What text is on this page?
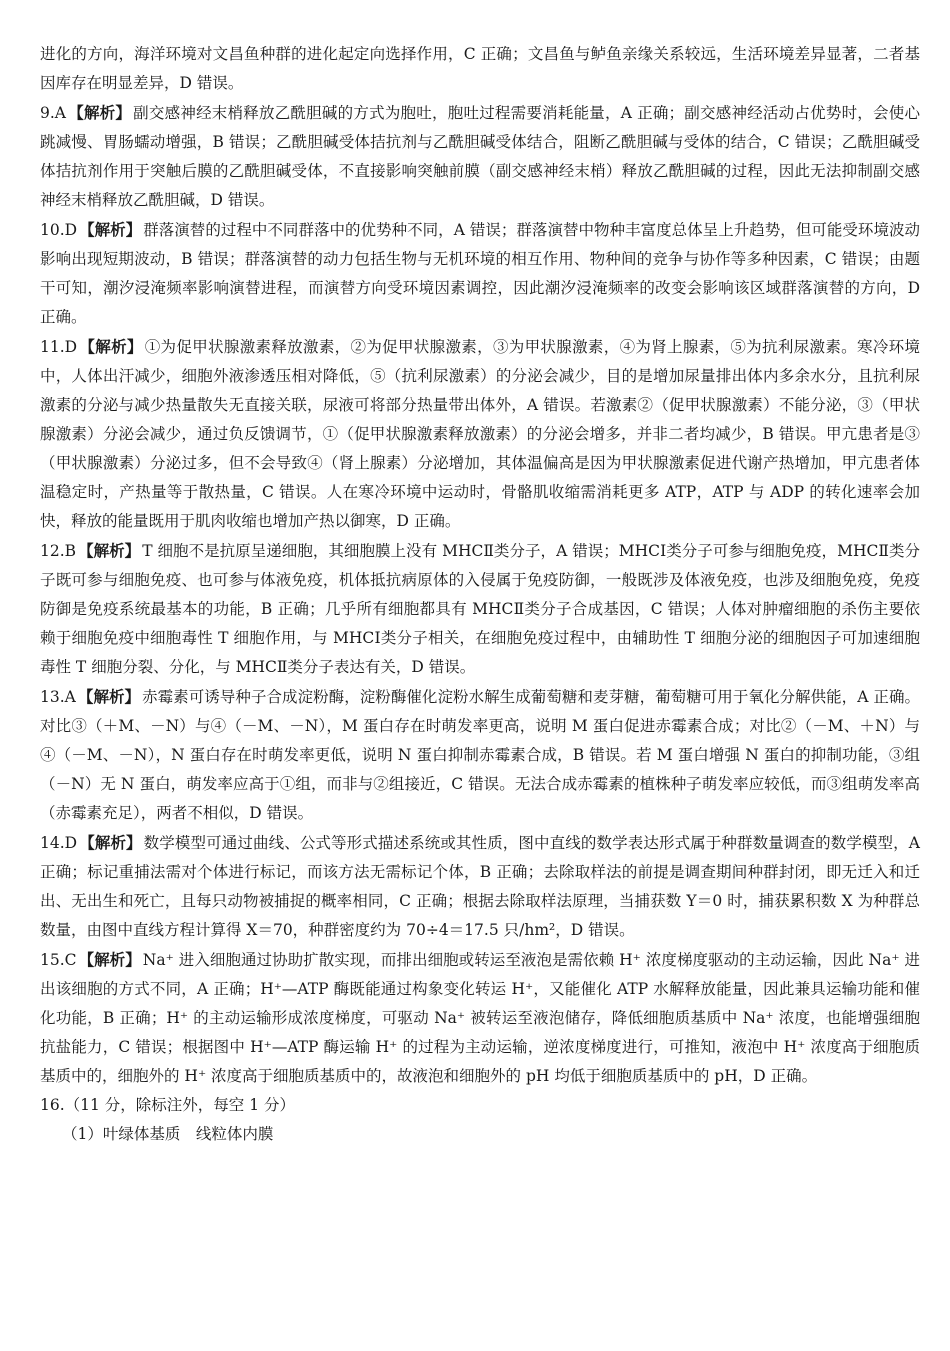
进化的方向，海洋环境对文昌鱼种群的进化起定向选择作用，C 正确；文昌鱼与鲈鱼亲缘关系较远，生活环境差异显著，二者基因库存在明显差异，D 错误。

9.A 【解析】 副交感神经末梢释放乙酰胆碱的方式为胞吐，胞吐过程需要消耗能量，A 正确；副交感神经活动占优势时，会使心跳减慢、胃肠蠕动增强，B 错误；乙酰胆碱受体拮抗剂与乙酰胆碱受体结合，阻断乙酰胆碱与受体的结合，C 错误；乙酰胆碱受体拮抗剂作用于突触后膜的乙酰胆碱受体，不直接影响突触前膜（副交感神经末梢）释放乙酰胆碱的过程，因此无法抑制副交感神经末梢释放乙酰胆碱，D 错误。

10.D 【解析】 群落演替的过程中不同群落中的优势种不同，A 错误；群落演替中物种丰富度总体呈上升趋势，但可能受环境波动影响出现短期波动，B 错误；群落演替的动力包括生物与无机环境的相互作用、物种间的竞争与协作等多种因素，C 错误；由题干可知，潮汐浸淹频率影响演替进程，而演替方向受环境因素调控，因此潮汐浸淹频率的改变会影响该区域群落演替的方向，D 正确。

11.D 【解析】 ①为促甲状腺激素释放激素，②为促甲状腺激素，③为甲状腺激素，④为肾上腺素，⑤为抗利尿激素。寒冷环境中，人体出汗减少，细胞外液渗透压相对降低，⑤（抗利尿激素）的分泌会减少，目的是增加尿量排出体内多余水分，且抗利尿激素的分泌与减少热量散失无直接关联，尿液可将部分热量带出体外，A 错误。若激素②（促甲状腺激素）不能分泌，③（甲状腺激素）分泌会减少，通过负反馈调节，①（促甲状腺激素释放激素）的分泌会增多，并非二者均减少，B 错误。甲亢患者是③（甲状腺激素）分泌过多，但不会导致④（肾上腺素）分泌增加，其体温偏高是因为甲状腺激素促进代谢产热增加，甲亢患者体温稳定时，产热量等于散热量，C 错误。人在寒冷环境中运动时，骨骼肌收缩需消耗更多 ATP，ATP 与 ADP 的转化速率会加快，释放的能量既用于肌肉收缩也增加产热以御寒，D 正确。

12.B 【解析】 T 细胞不是抗原呈递细胞，其细胞膜上没有 MHCⅡ类分子，A 错误；MHCⅠ类分子可参与细胞免疫，MHCⅡ类分子既可参与细胞免疫、也可参与体液免疫，机体抵抗病原体的入侵属于免疫防御，一般既涉及体液免疫，也涉及细胞免疫，免疫防御是免疫系统最基本的功能，B 正确；几乎所有细胞都具有 MHCⅡ类分子合成基因，C 错误；人体对肿瘤细胞的杀伤主要依赖于细胞免疫中细胞毒性 T 细胞作用，与 MHCⅠ类分子相关，在细胞免疫过程中，由辅助性 T 细胞分泌的细胞因子可加速细胞毒性 T 细胞分裂、分化，与 MHCⅡ类分子表达有关，D 错误。

13.A 【解析】 赤霉素可诱导种子合成淀粉酶，淀粉酶催化淀粉水解生成葡萄糖和麦芽糖，葡萄糖可用于氧化分解供能，A 正确。对比③（＋M、－N）与④（－M、－N），M 蛋白存在时萌发率更高，说明 M 蛋白促进赤霉素合成；对比②（－M、＋N）与④（－M、－N），N 蛋白存在时萌发率更低，说明 N 蛋白抑制赤霉素合成，B 错误。若 M 蛋白增强 N 蛋白的抑制功能，③组（－N）无 N 蛋白，萌发率应高于①组，而非与②组接近，C 错误。无法合成赤霉素的植株种子萌发率应较低，而③组萌发率高（赤霉素充足），两者不相似，D 错误。

14.D 【解析】 数学模型可通过曲线、公式等形式描述系统或其性质，图中直线的数学表达形式属于种群数量调查的数学模型，A 正确；标记重捕法需对个体进行标记，而该方法无需标记个体，B 正确；去除取样法的前提是调查期间种群封闭，即无迁入和迁出、无出生和死亡，且每只动物被捕捉的概率相同，C 正确；根据去除取样法原理，当捕获数 Y＝0 时，捕获累积数 X 为种群总数量，由图中直线方程计算得 X＝70，种群密度约为 70÷4＝17.5 只/hm²，D 错误。

15.C 【解析】 Na⁺ 进入细胞通过协助扩散实现，而排出细胞或转运至液泡是需依赖 H⁺ 浓度梯度驱动的主动运输，因此 Na⁺ 进出该细胞的方式不同，A 正确；H⁺—ATP 酶既能通过构象变化转运 H⁺，又能催化 ATP 水解释放能量，因此兼具运输功能和催化功能，B 正确；H⁺ 的主动运输形成浓度梯度，可驱动 Na⁺ 被转运至液泡储存，降低细胞质基质中 Na⁺ 浓度，也能增强细胞抗盐能力，C 错误；根据图中 H⁺—ATP 酶运输 H⁺ 的过程为主动运输，逆浓度梯度进行，可推知，液泡中 H⁺ 浓度高于细胞质基质中的，细胞外的 H⁺ 浓度高于细胞质基质中的，故液泡和细胞外的 pH 均低于细胞质基质中的 pH，D 正确。

16.（11 分，除标注外，每空 1 分）

（1）叶绿体基质　线粒体内膜
